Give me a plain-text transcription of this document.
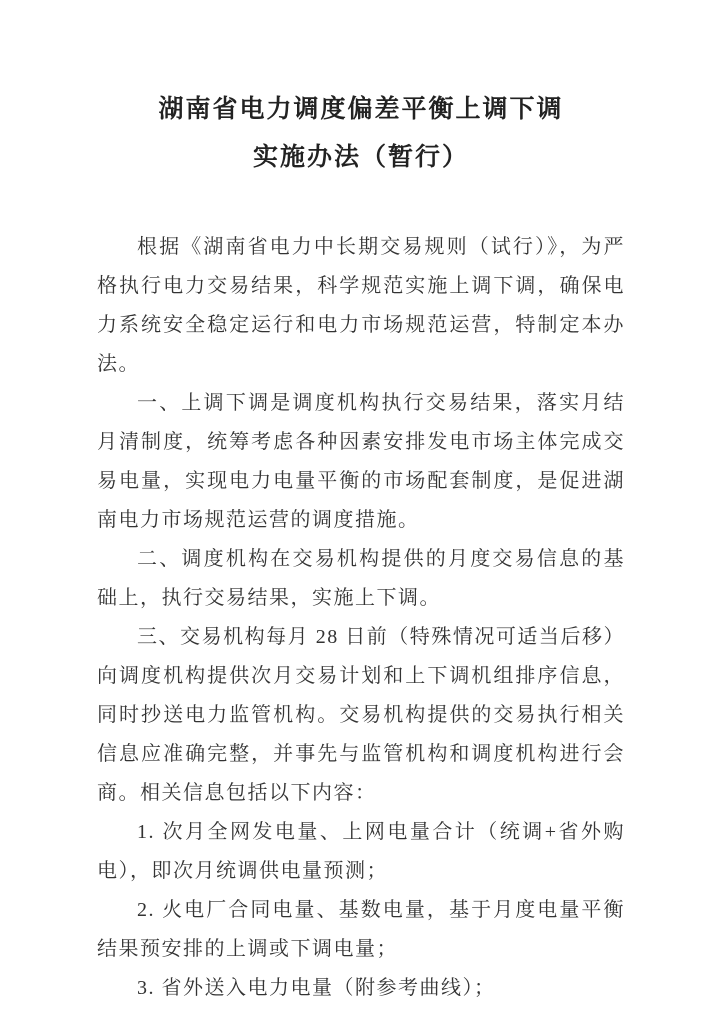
湖南省电力调度偏差平衡上调下调
实施办法（暂行）

根据《湖南省电力中长期交易规则（试行）》，为严格执行电力交易结果，科学规范实施上调下调，确保电力系统安全稳定运行和电力市场规范运营，特制定本办法。

一、上调下调是调度机构执行交易结果，落实月结月清制度，统筹考虑各种因素安排发电市场主体完成交易电量，实现电力电量平衡的市场配套制度，是促进湖南电力市场规范运营的调度措施。

二、调度机构在交易机构提供的月度交易信息的基础上，执行交易结果，实施上下调。

三、交易机构每月 28 日前（特殊情况可适当后移）向调度机构提供次月交易计划和上下调机组排序信息，同时抄送电力监管机构。交易机构提供的交易执行相关信息应准确完整，并事先与监管机构和调度机构进行会商。相关信息包括以下内容：

1. 次月全网发电量、上网电量合计（统调+省外购电），即次月统调供电量预测；

2. 火电厂合同电量、基数电量，基于月度电量平衡结果预安排的上调或下调电量；

3. 省外送入电力电量（附参考曲线）；
